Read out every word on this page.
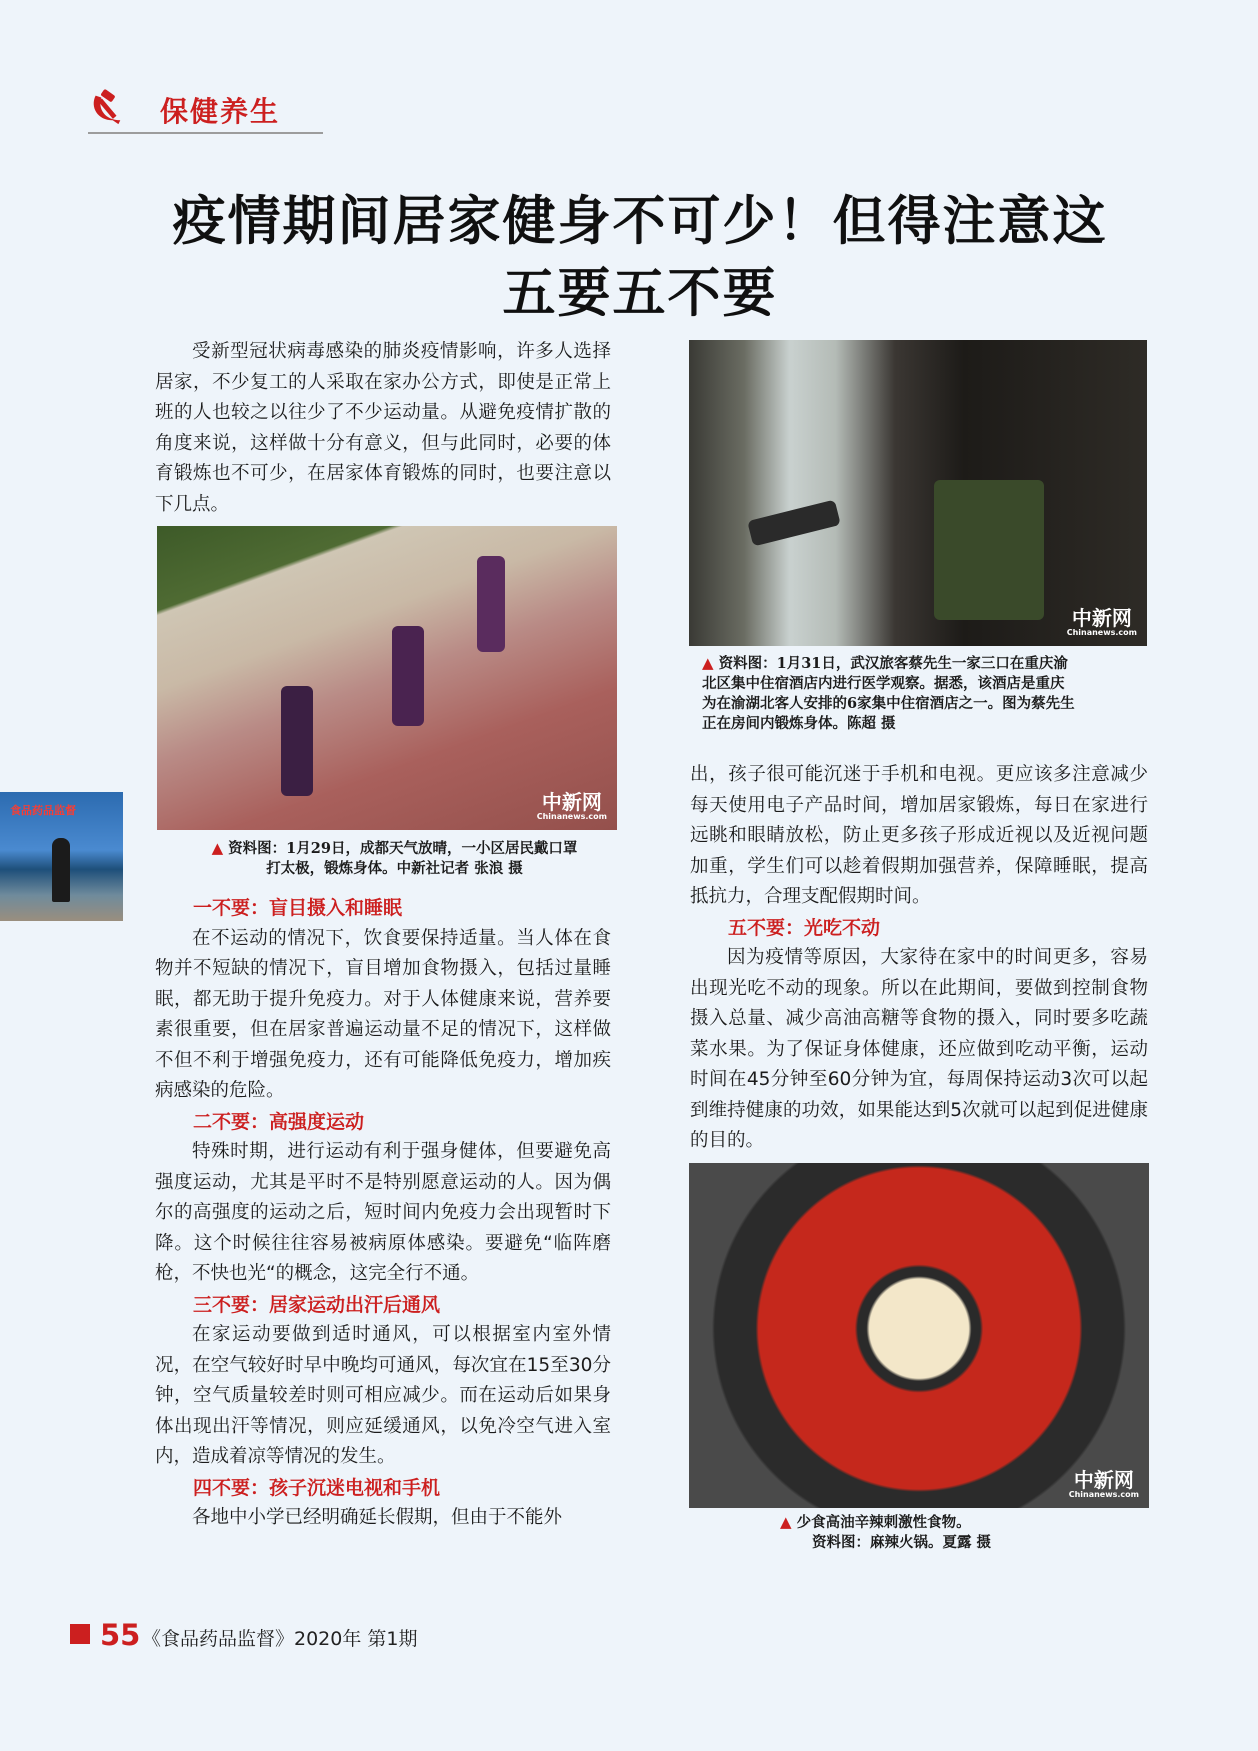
保健养生
疫情期间居家健身不可少！但得注意这
五要五不要

受新型冠状病毒感染的肺炎疫情影响，许多人选择居家，不少复工的人采取在家办公方式，即使是正常上班的人也较之以往少了不少运动量。从避免疫情扩散的角度来说，这样做十分有意义，但与此同时，必要的体育锻炼也不可少，在居家体育锻炼的同时，也要注意以下几点。

中新网
Chinanews.com
▲ 资料图：1月29日，成都天气放晴，一小区居民戴口罩
打太极，锻炼身体。中新社记者 张浪 摄
一不要：盲目摄入和睡眠

在不运动的情况下，饮食要保持适量。当人体在食物并不短缺的情况下，盲目增加食物摄入，包括过量睡眠，都无助于提升免疫力。对于人体健康来说，营养要素很重要，但在居家普遍运动量不足的情况下，这样做不但不利于增强免疫力，还有可能降低免疫力，增加疾病感染的危险。

二不要：高强度运动

特殊时期，进行运动有利于强身健体，但要避免高强度运动，尤其是平时不是特别愿意运动的人。因为偶尔的高强度的运动之后，短时间内免疫力会出现暂时下降。这个时候往往容易被病原体感染。要避免“临阵磨枪，不快也光“的概念，这完全行不通。

三不要：居家运动出汗后通风

在家运动要做到适时通风，可以根据室内室外情况，在空气较好时早中晚均可通风，每次宜在15至30分钟，空气质量较差时则可相应减少。而在运动后如果身体出现出汗等情况，则应延缓通风，以免冷空气进入室内，造成着凉等情况的发生。

四不要：孩子沉迷电视和手机

各地中小学已经明确延长假期，但由于不能外

中新网
Chinanews.com
▲ 资料图：1月31日，武汉旅客蔡先生一家三口在重庆渝
北区集中住宿酒店内进行医学观察。据悉，该酒店是重庆
为在渝湖北客人安排的6家集中住宿酒店之一。图为蔡先生
正在房间内锻炼身体。陈超 摄

出，孩子很可能沉迷于手机和电视。更应该多注意减少每天使用电子产品时间，增加居家锻炼，每日在家进行远眺和眼睛放松，防止更多孩子形成近视以及近视问题加重，学生们可以趁着假期加强营养，保障睡眠，提高抵抗力，合理支配假期时间。

五不要：光吃不动

因为疫情等原因，大家待在家中的时间更多，容易出现光吃不动的现象。所以在此期间，要做到控制食物摄入总量、减少高油高糖等食物的摄入，同时要多吃蔬菜水果。为了保证身体健康，还应做到吃动平衡，运动时间在45分钟至60分钟为宜，每周保持运动3次可以起到维持健康的功效，如果能达到5次就可以起到促进健康的目的。

中新网
Chinanews.com
▲ 少食高油辛辣刺激性食物。
资料图：麻辣火锅。夏露 摄
食品药品监督
55 《食品药品监督》2020年 第1期
